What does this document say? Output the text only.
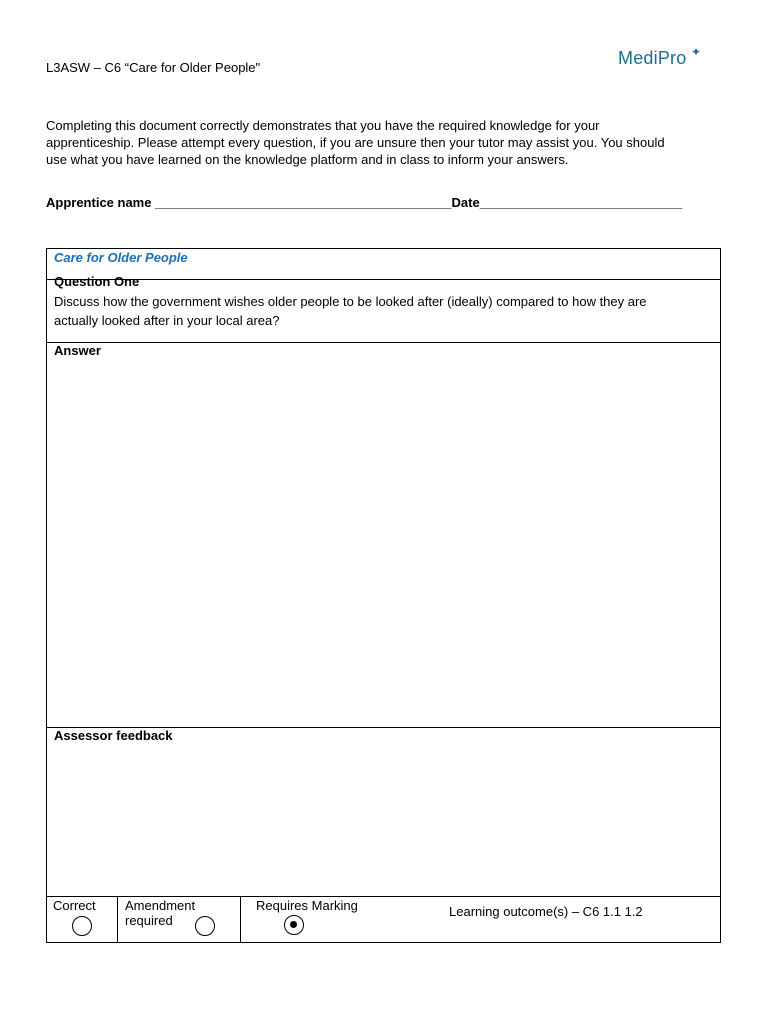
L3ASW – C6 “Care for Older People"	MediPro ✦
Completing this document correctly demonstrates that you have the required knowledge for your apprenticeship. Please attempt every question, if you are unsure then your tutor may assist you. You should use what you have learned on the knowledge platform and in class to inform your answers.
Apprentice name _________________________________________Date____________________________
Care for Older People
Question One
Discuss how the government wishes older people to be looked after (ideally) compared to how they are actually looked after in your local area?
Answer
Assessor feedback
Correct Amendment required
Requires Marking	Learning outcome(s) – C6 1.1 1.2
